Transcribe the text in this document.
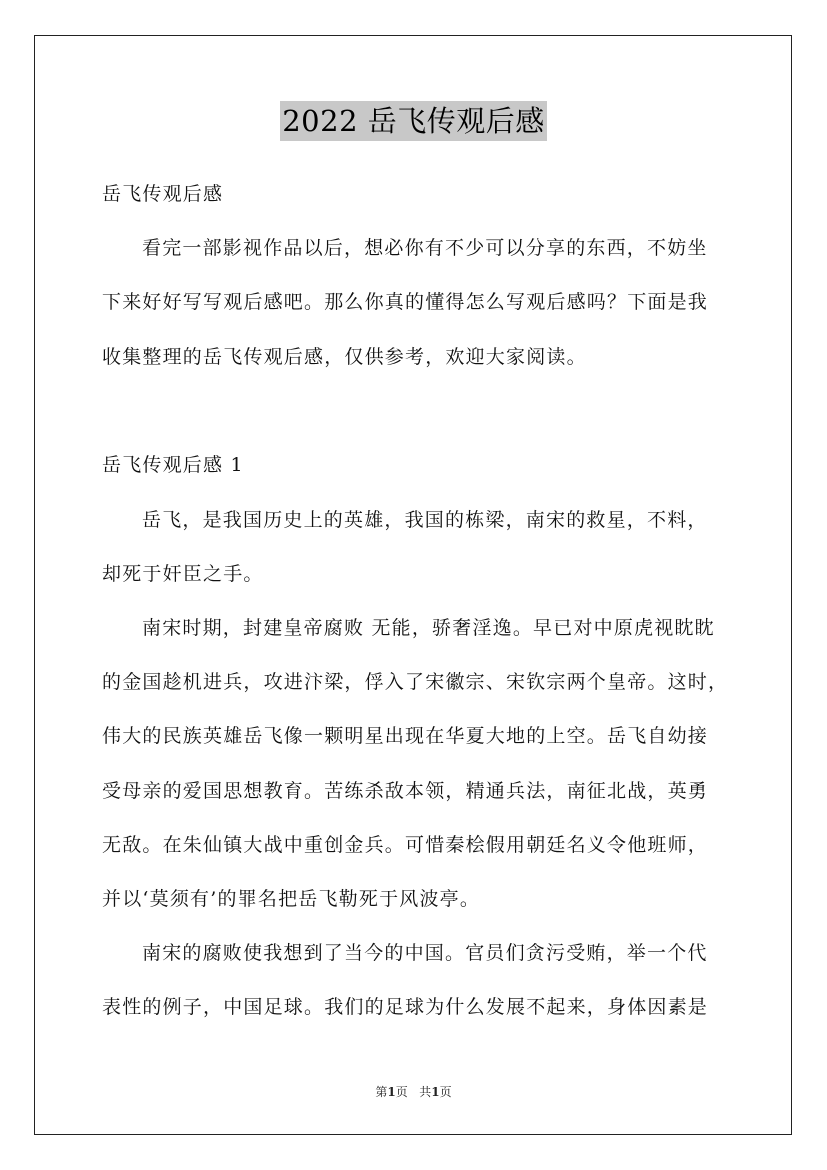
2022 岳飞传观后感
岳飞传观后感
看完一部影视作品以后，想必你有不少可以分享的东西，不妨坐
下来好好写写观后感吧。那么你真的懂得怎么写观后感吗？下面是我
收集整理的岳飞传观后感，仅供参考，欢迎大家阅读。
岳飞传观后感 1
岳飞，是我国历史上的英雄，我国的栋梁，南宋的救星，不料，
却死于奸臣之手。
南宋时期，封建皇帝腐败 无能，骄奢淫逸。早已对中原虎视眈眈
的金国趁机进兵，攻进汴梁，俘入了宋徽宗、宋钦宗两个皇帝。这时，
伟大的民族英雄岳飞像一颗明星出现在华夏大地的上空。岳飞自幼接
受母亲的爱国思想教育。苦练杀敌本领，精通兵法，南征北战，英勇
无敌。在朱仙镇大战中重创金兵。可惜秦桧假用朝廷名义令他班师，
并以‘莫须有’的罪名把岳飞勒死于风波亭。
南宋的腐败使我想到了当今的中国。官员们贪污受贿，举一个代
表性的例子，中国足球。我们的足球为什么发展不起来，身体因素是
第1页 共1页
